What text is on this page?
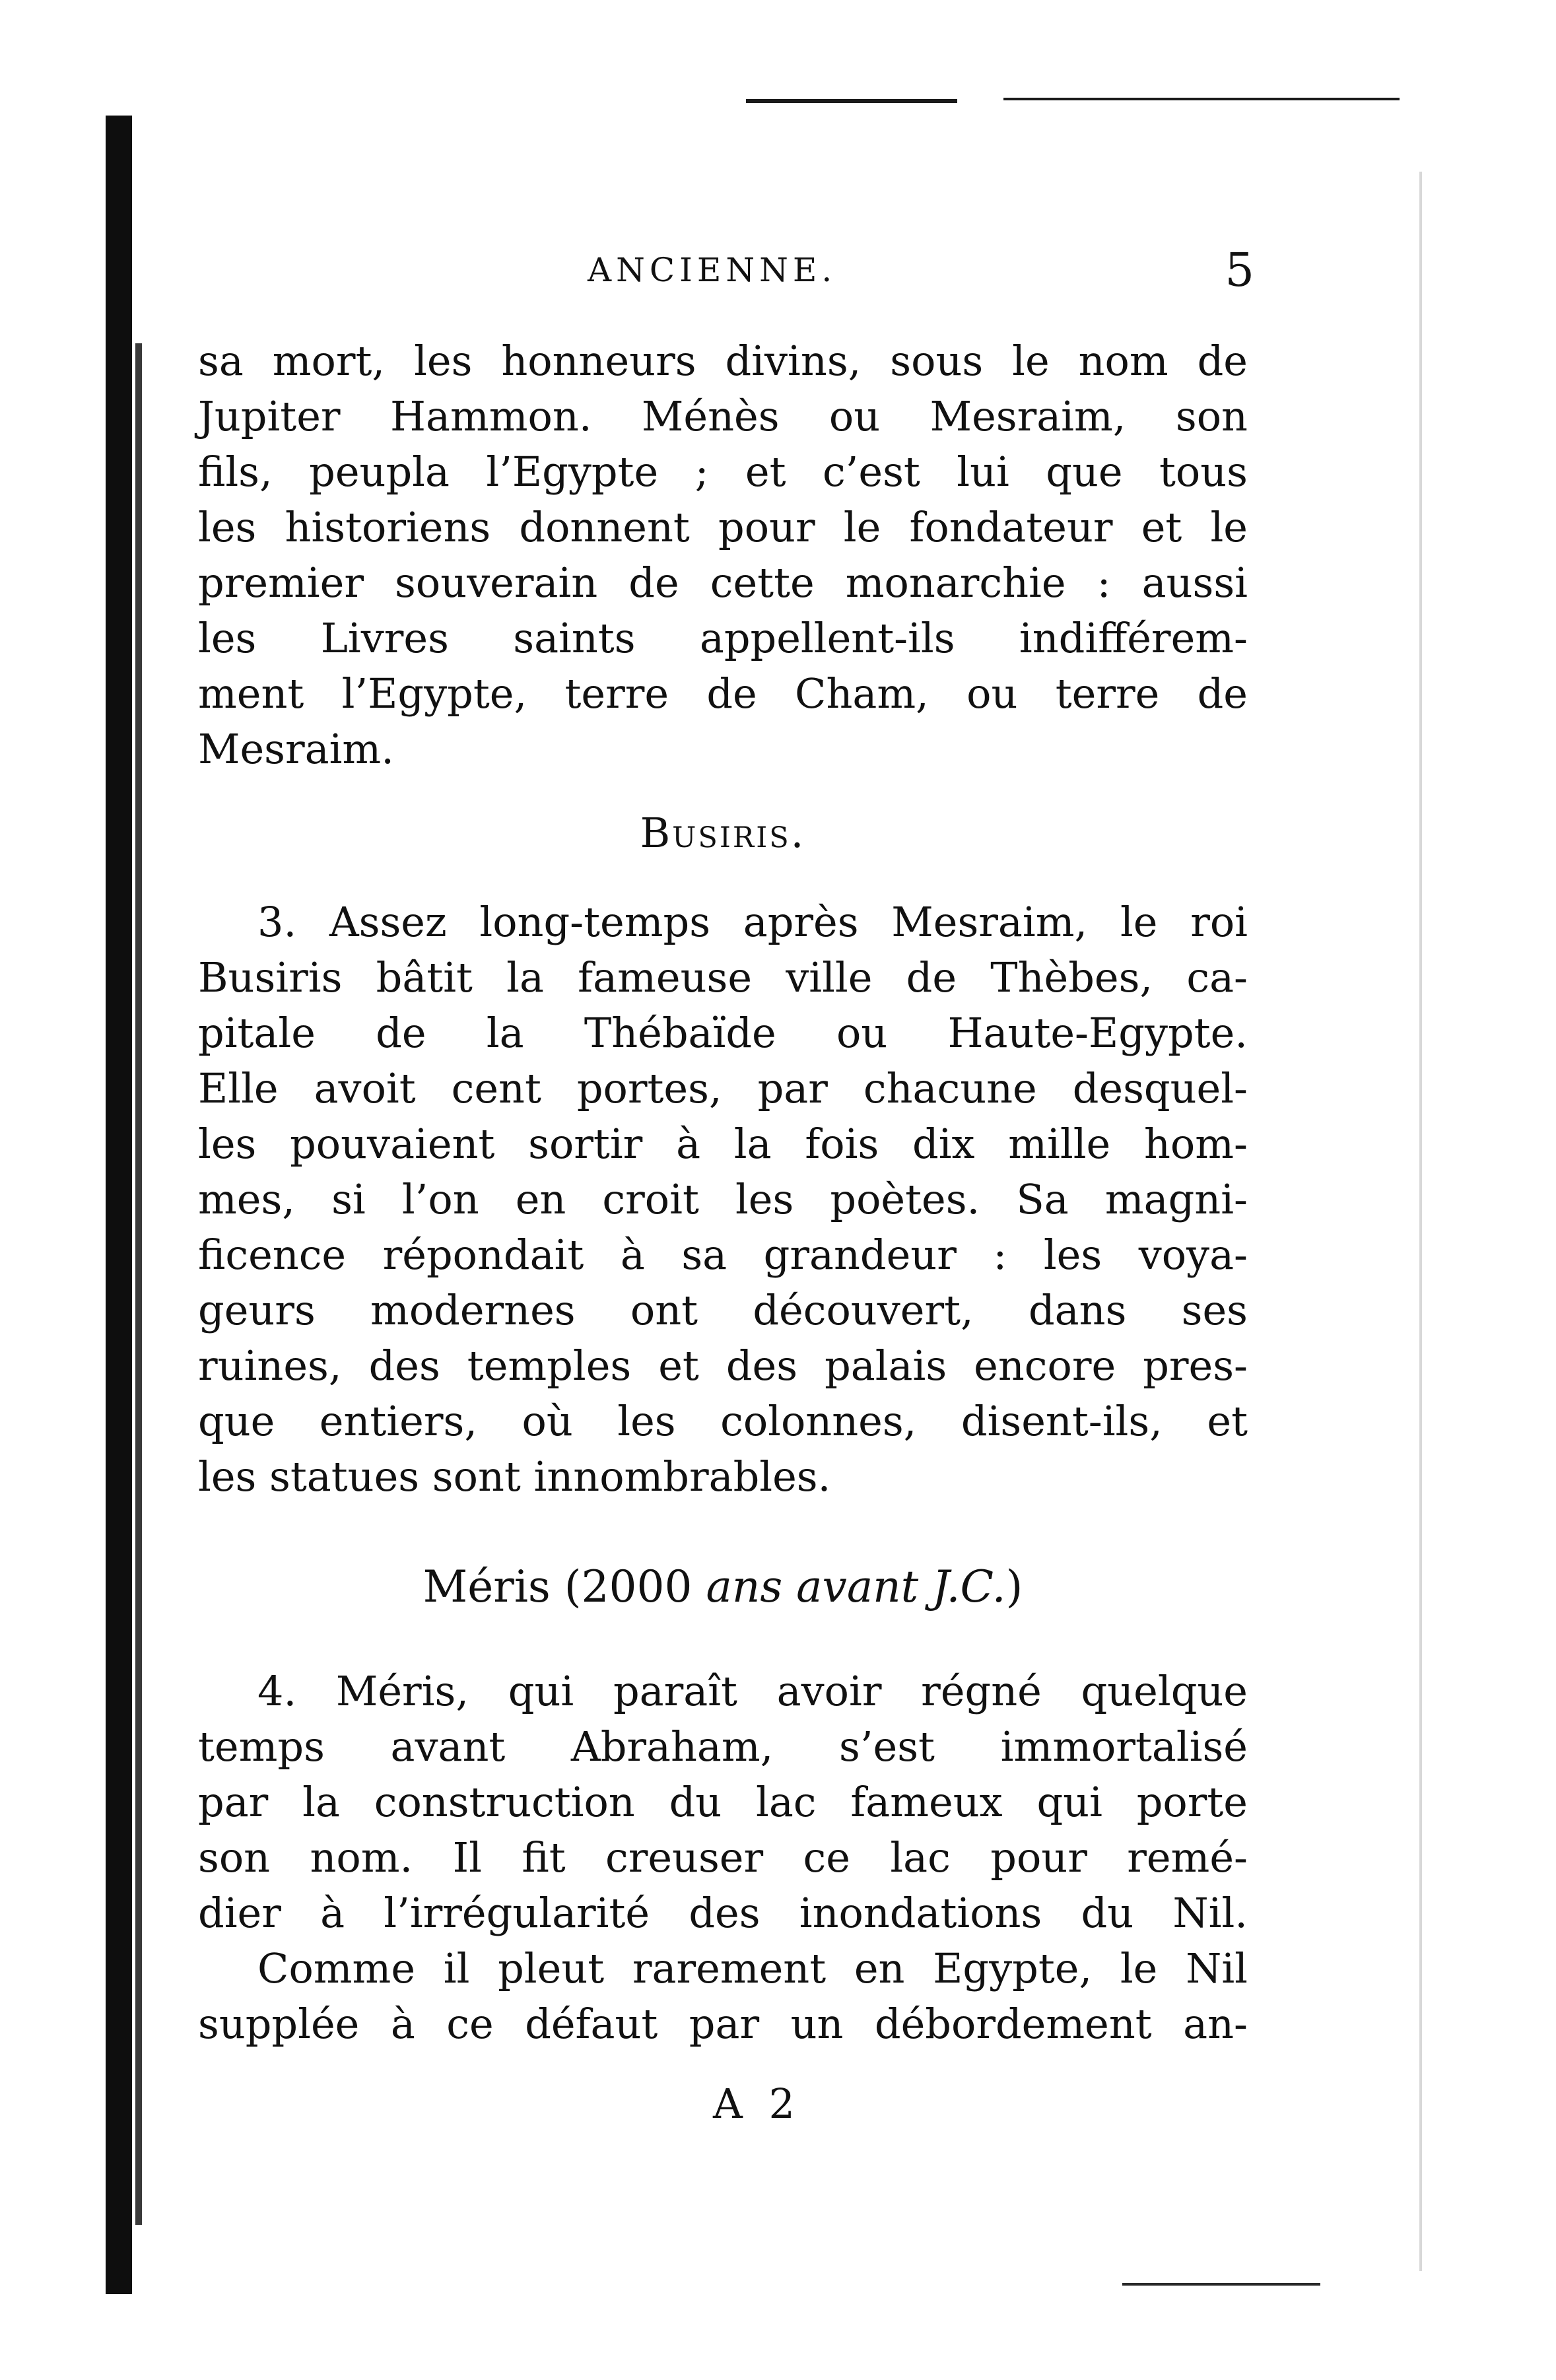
ANCIENNE.	5
sa mort, les honneurs divins, sous le nom de
Jupiter Hammon. Ménès ou Mesraim, son
fils, peupla l’Egypte ; et c’est lui que tous
les historiens donnent pour le fondateur et le
premier souverain de cette monarchie : aussi
les Livres saints appellent-ils indifférem-
ment l’Egypte, terre de Cham, ou terre de
Mesraim.
Busiris.
3. Assez long-temps après Mesraim, le roi
Busiris bâtit la fameuse ville de Thèbes, ca-
pitale de la Thébaïde ou Haute-Egypte.
Elle avoit cent portes, par chacune desquel-
les pouvaient sortir à la fois dix mille hom-
mes, si l’on en croit les poètes. Sa magni-
ficence répondait à sa grandeur : les voya-
geurs modernes ont découvert, dans ses
ruines, des temples et des palais encore pres-
que entiers, où les colonnes, disent-ils, et
les statues sont innombrables.
Méris (2000 ans avant J.C.)
4. Méris, qui paraît avoir régné quelque
temps avant Abraham, s’est immortalisé
par la construction du lac fameux qui porte
son nom. Il fit creuser ce lac pour remé-
dier à l’irrégularité des inondations du Nil.
Comme il pleut rarement en Egypte, le Nil
supplée à ce défaut par un débordement an-
A 2
